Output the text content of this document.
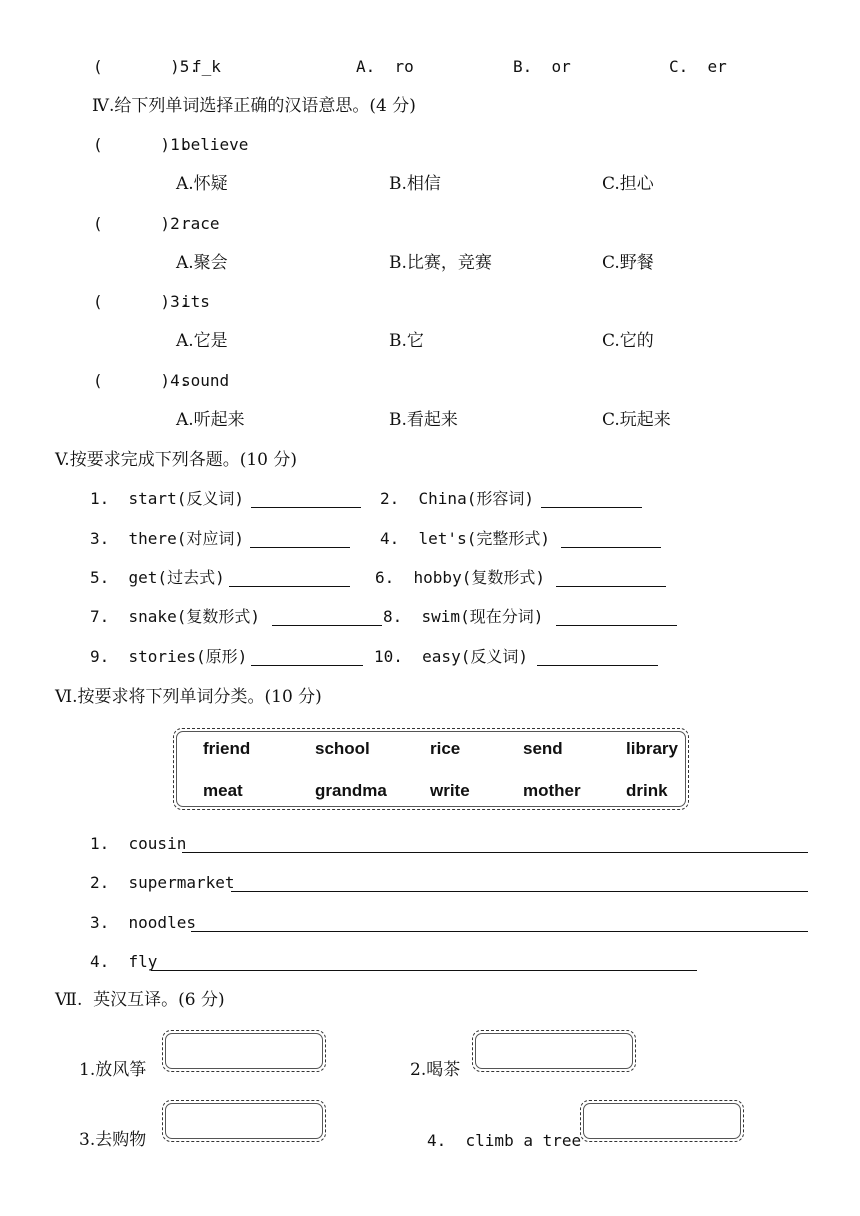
(       )5.
f_k	A.  ro	B.  or	C.  er
Ⅳ.给下列单词选择正确的汉语意思。(4 分)
(      )1.
believe
A.怀疑	B.相信	C.担心
(      )2.
race
A.聚会	B.比赛，竞赛	C.野餐
(      )3.
its
A.它是	B.它	C.它的
(      )4.
sound
A.听起来	B.看起来	C.玩起来
V.按要求完成下列各题。(10 分)
1.  start(反义词)	2.  China(形容词)
3.  there(对应词)	4.  let's(完整形式)
5.  get(过去式)	6.  hobby(复数形式)
7.  snake(复数形式)	8.  swim(现在分词)
9.  stories(原形)	10.  easy(反义词)
Ⅵ.按要求将下列单词分类。(10 分)
friend	school	rice	send	library
meat	grandma	write	mother	drink
1.  cousin
2.  supermarket
3.  noodles
4.  fly
Ⅶ.  英汉互译。(6 分)
1.放风筝	2.喝茶
3.去购物	4.  climb a tree
